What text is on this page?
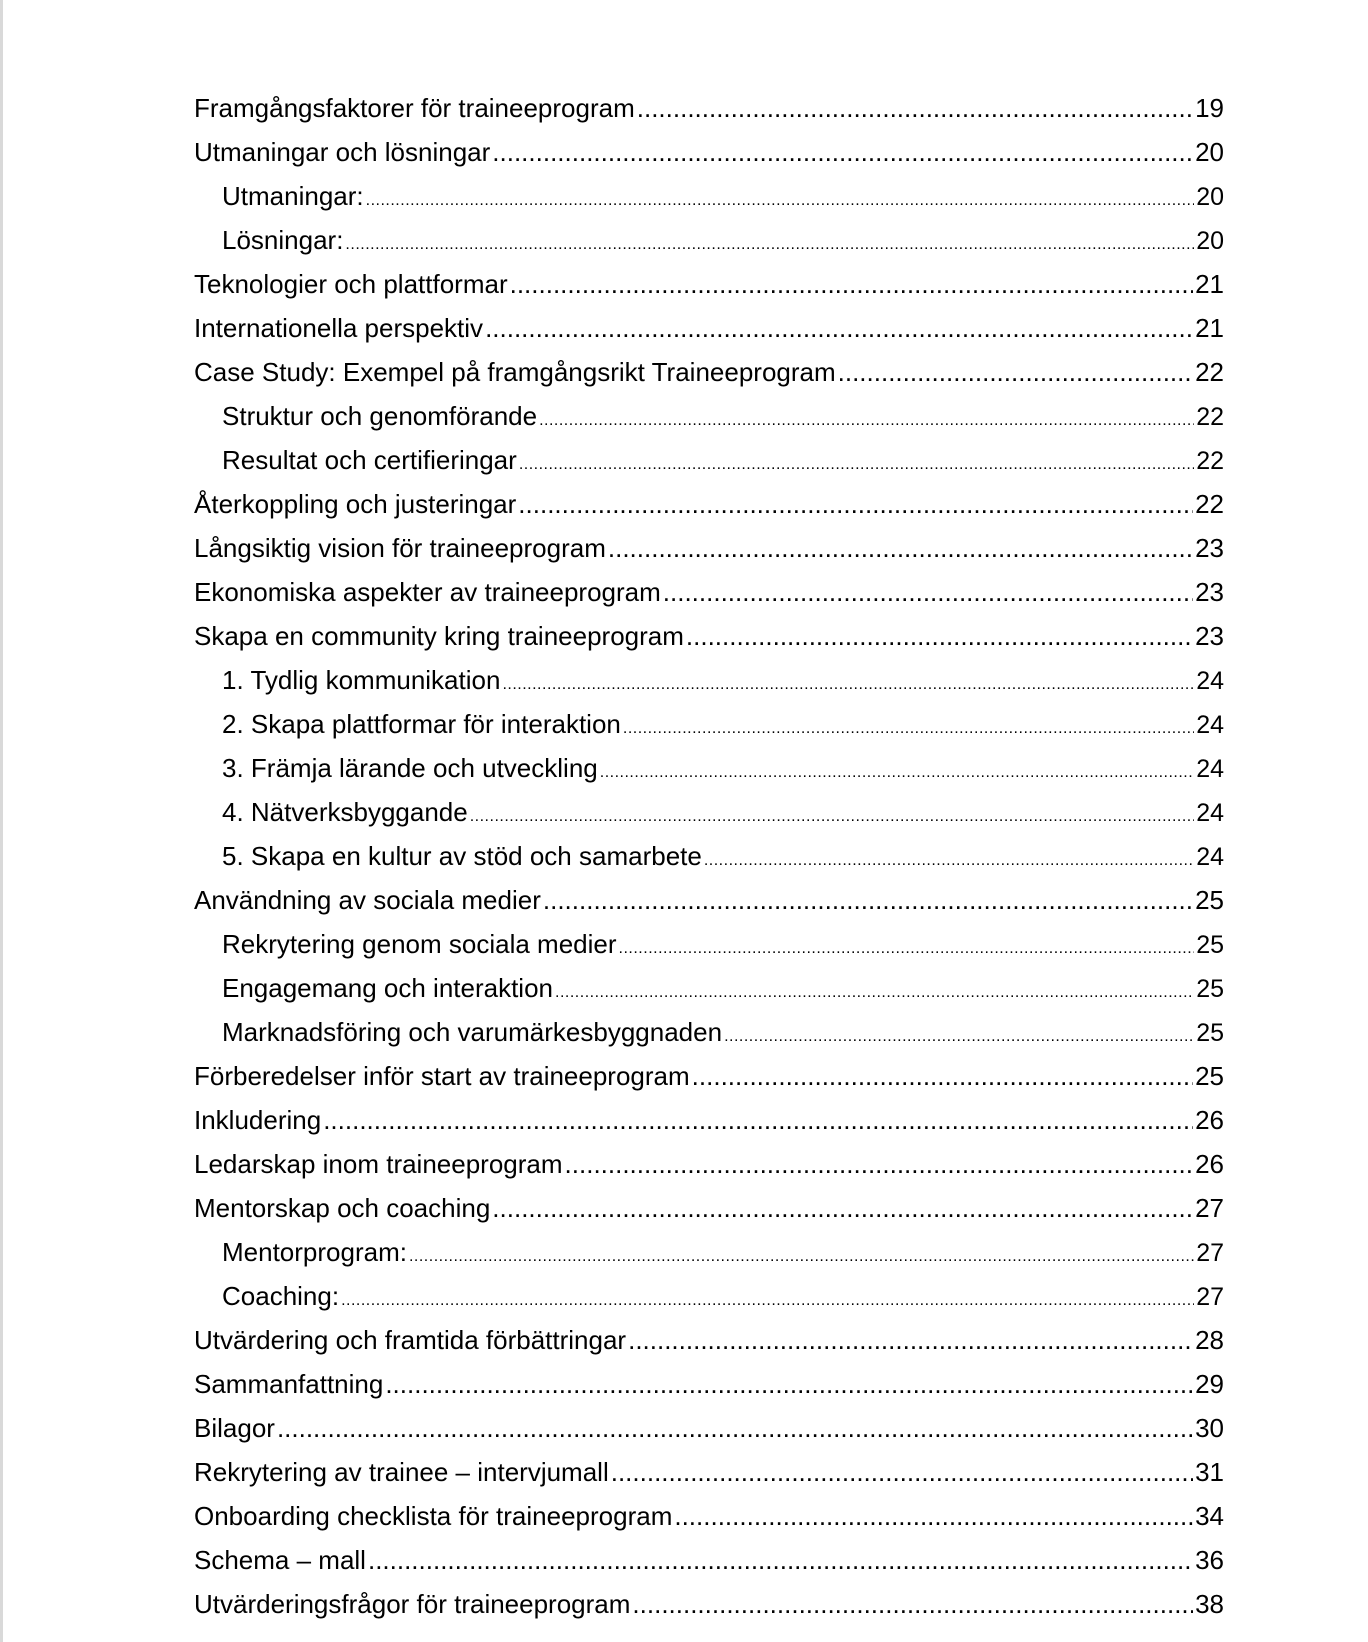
Framgångsfaktorer för traineeprogram .....	19
Utmaningar och lösningar .....	20
Utmaningar: .....	20
Lösningar: .....	20
Teknologier och plattformar .....	21
Internationella perspektiv .....	21
Case Study: Exempel på framgångsrikt Traineeprogram .....	22
Struktur och genomförande .....	22
Resultat och certifieringar .....	22
Återkoppling och justeringar .....	22
Långsiktig vision för traineeprogram .....	23
Ekonomiska aspekter av traineeprogram .....	23
Skapa en community kring traineeprogram .....	23
1. Tydlig kommunikation .....	24
2. Skapa plattformar för interaktion .....	24
3. Främja lärande och utveckling .....	24
4. Nätverksbyggande .....	24
5. Skapa en kultur av stöd och samarbete .....	24
Användning av sociala medier .....	25
Rekrytering genom sociala medier .....	25
Engagemang och interaktion .....	25
Marknadsföring och varumärkesbyggnaden .....	25
Förberedelser inför start av traineeprogram .....	25
Inkludering .....	26
Ledarskap inom traineeprogram .....	26
Mentorskap och coaching .....	27
Mentorprogram: .....	27
Coaching: .....	27
Utvärdering och framtida förbättringar .....	28
Sammanfattning .....	29
Bilagor .....	30
Rekrytering av trainee – intervjumall .....	31
Onboarding checklista för traineeprogram .....	34
Schema – mall .....	36
Utvärderingsfrågor för traineeprogram .....	38
